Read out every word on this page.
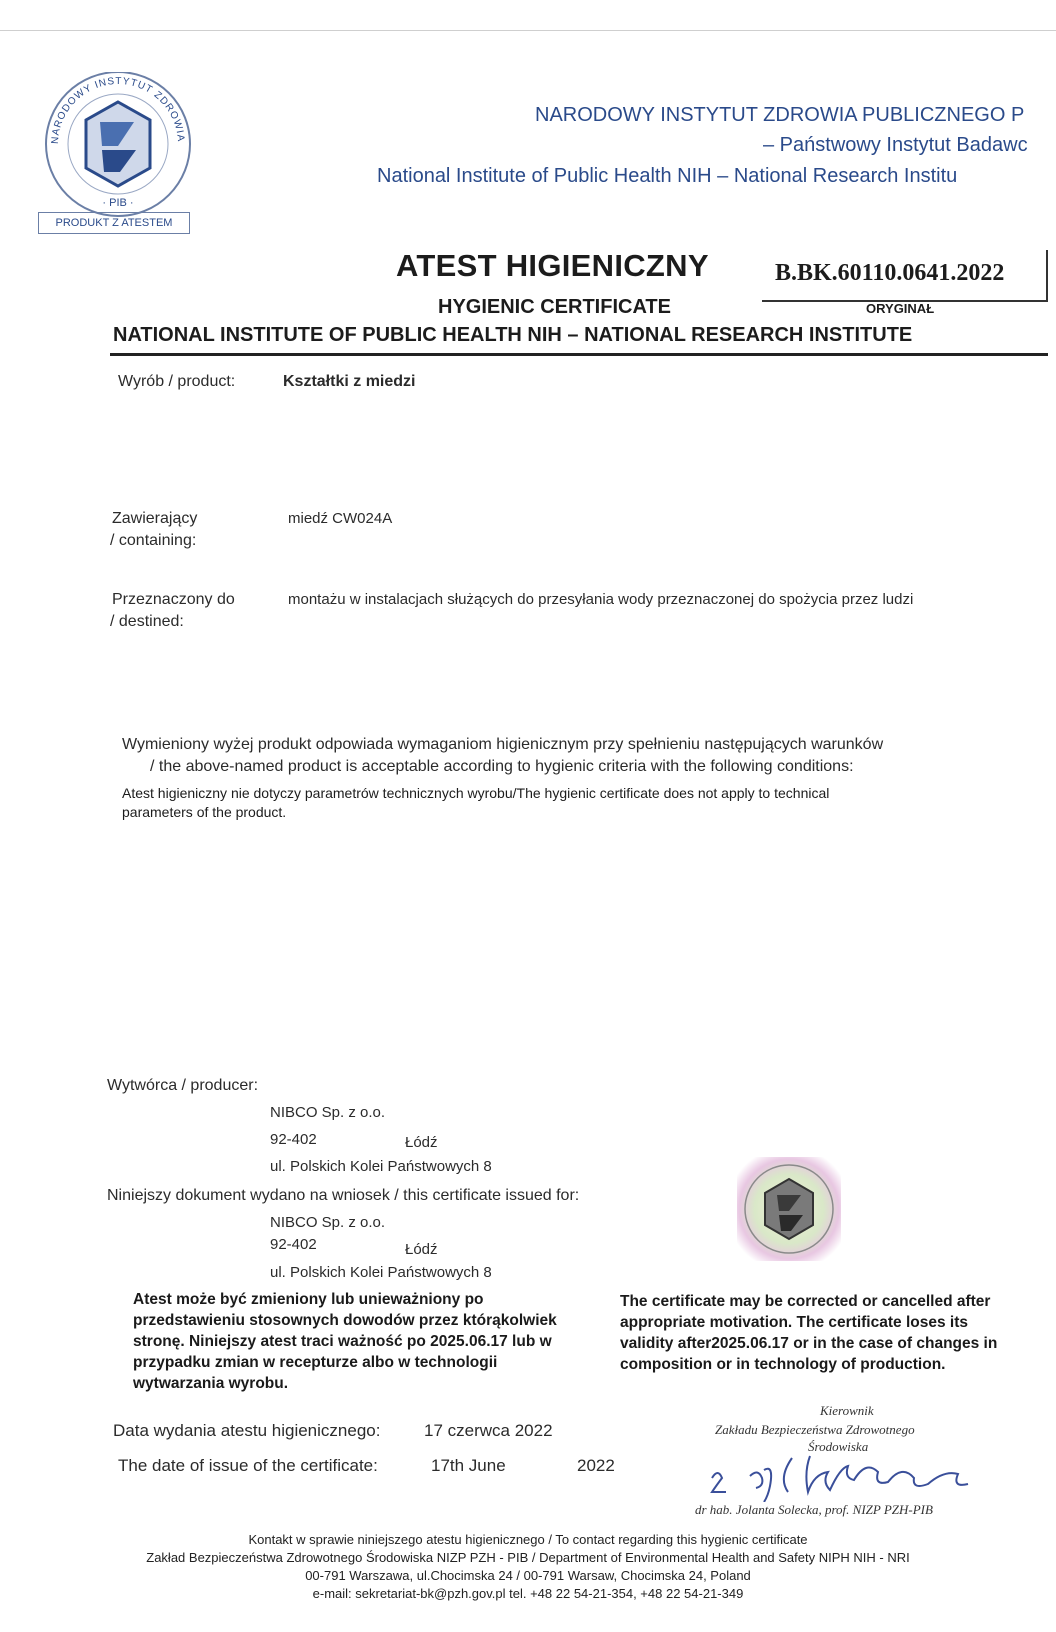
NARODOWY INSTYTUT ZDROWIA
· PIB ·
PRODUKT Z ATESTEM
NARODOWY INSTYTUT ZDROWIA PUBLICZNEGO P
– Państwowy Instytut Badawc
National Institute of Public Health NIH – National Research Institu
ATEST HIGIENICZNY	B.BK.60110.0641.2022
ORYGINAŁ
HYGIENIC CERTIFICATE
NATIONAL INSTITUTE OF PUBLIC HEALTH NIH – NATIONAL RESEARCH INSTITUTE
Wyrób / product:	Kształtki z miedzi
Zawierający
/ containing:
miedź CW024A
Przeznaczony do
/ destined:
montażu w instalacjach służących do przesyłania wody przeznaczonej do spożycia przez ludzi
Wymieniony wyżej produkt odpowiada wymaganiom higienicznym przy spełnieniu następujących warunków
/ the above-named product is acceptable according to hygienic criteria with the following conditions:
Atest higieniczny nie dotyczy parametrów technicznych wyrobu/The hygienic certificate does not apply to technical
parameters of the product.
Wytwórca / producer:
NIBCO Sp. z o.o.
92-402	Łódź
ul. Polskich Kolei Państwowych 8
Niniejszy dokument wydano na wniosek / this certificate issued for:
NIBCO Sp. z o.o.
92-402	Łódź
ul. Polskich Kolei Państwowych 8
Atest może być zmieniony lub unieważniony po przedstawieniu stosownych dowodów przez którąkolwiek stronę. Niniejszy atest traci ważność po 2025.06.17 lub w przypadku zmian w recepturze albo w technologii wytwarzania wyrobu.
The certificate may be corrected or cancelled after appropriate motivation. The certificate loses its validity after2025.06.17 or in the case of changes in composition or in technology of production.
Data wydania atestu higienicznego:	17 czerwca 2022
The date of issue of the certificate:	17th June	2022
Kierownik
Zakładu Bezpieczeństwa Zdrowotnego
Środowiska
dr hab. Jolanta Solecka, prof. NIZP PZH-PIB
Kontakt w sprawie niniejszego atestu higienicznego / To contact regarding this hygienic certificate
Zakład Bezpieczeństwa Zdrowotnego Środowiska NIZP PZH - PIB / Department of Environmental Health and Safety NIPH NIH - NRI
00-791 Warszawa, ul.Chocimska 24 / 00-791 Warsaw, Chocimska 24, Poland
e-mail: sekretariat-bk@pzh.gov.pl tel. +48 22 54-21-354, +48 22 54-21-349
